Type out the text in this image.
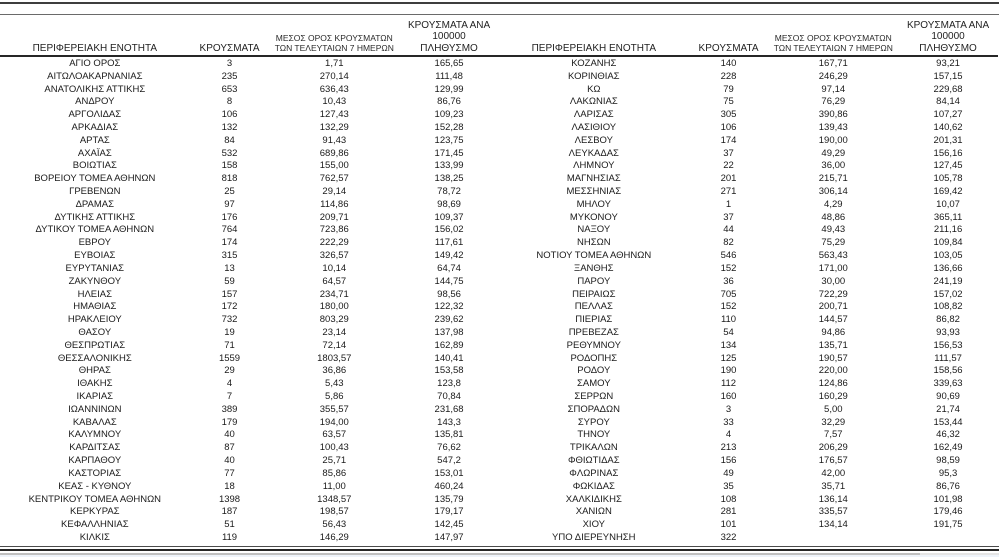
ΠΕΡΙΦΕΡΕΙΑΚΗ ΕΝΟΤΗΤΑ	ΚΡΟΥΣΜΑΤΑ
ΜΕΣΟΣ ΟΡΟΣ ΚΡΟΥΣΜΑΤΩΝ
ΤΩΝ ΤΕΛΕΥΤΑΙΩΝ 7 ΗΜΕΡΩΝ
ΚΡΟΥΣΜΑΤΑ ΑΝΑ 100000
ΠΛΗΘΥΣΜΟ
ΑΓΙΟ ΟΡΟΣ	3	1,71	165,65
ΑΙΤΩΛΟΑΚΑΡΝΑΝΙΑΣ	235	270,14	111,48
ΑΝΑΤΟΛΙΚΗΣ ΑΤΤΙΚΗΣ	653	636,43	129,99
ΑΝΔΡΟΥ	8	10,43	86,76
ΑΡΓΟΛΙΔΑΣ	106	127,43	109,23
ΑΡΚΑΔΙΑΣ	132	132,29	152,28
ΑΡΤΑΣ	84	91,43	123,75
ΑΧΑΪΑΣ	532	689,86	171,45
ΒΟΙΩΤΙΑΣ	158	155,00	133,99
ΒΟΡΕΙΟΥ ΤΟΜΕΑ ΑΘΗΝΩΝ	818	762,57	138,25
ΓΡΕΒΕΝΩΝ	25	29,14	78,72
ΔΡΑΜΑΣ	97	114,86	98,69
ΔΥΤΙΚΗΣ ΑΤΤΙΚΗΣ	176	209,71	109,37
ΔΥΤΙΚΟΥ ΤΟΜΕΑ ΑΘΗΝΩΝ	764	723,86	156,02
ΕΒΡΟΥ	174	222,29	117,61
ΕΥΒΟΙΑΣ	315	326,57	149,42
ΕΥΡΥΤΑΝΙΑΣ	13	10,14	64,74
ΖΑΚΥΝΘΟΥ	59	64,57	144,75
ΗΛΕΙΑΣ	157	234,71	98,56
ΗΜΑΘΙΑΣ	172	180,00	122,32
ΗΡΑΚΛΕΙΟΥ	732	803,29	239,62
ΘΑΣΟΥ	19	23,14	137,98
ΘΕΣΠΡΩΤΙΑΣ	71	72,14	162,89
ΘΕΣΣΑΛΟΝΙΚΗΣ	1559	1803,57	140,41
ΘΗΡΑΣ	29	36,86	153,58
ΙΘΑΚΗΣ	4	5,43	123,8
ΙΚΑΡΙΑΣ	7	5,86	70,84
ΙΩΑΝΝΙΝΩΝ	389	355,57	231,68
ΚΑΒΑΛΑΣ	179	194,00	143,3
ΚΑΛΥΜΝΟΥ	40	63,57	135,81
ΚΑΡΔΙΤΣΑΣ	87	100,43	76,62
ΚΑΡΠΑΘΟΥ	40	25,71	547,2
ΚΑΣΤΟΡΙΑΣ	77	85,86	153,01
ΚΕΑΣ - ΚΥΘΝΟΥ	18	11,00	460,24
ΚΕΝΤΡΙΚΟΥ ΤΟΜΕΑ ΑΘΗΝΩΝ	1398	1348,57	135,79
ΚΕΡΚΥΡΑΣ	187	198,57	179,17
ΚΕΦΑΛΛΗΝΙΑΣ	51	56,43	142,45
ΚΙΛΚΙΣ	119	146,29	147,97
ΠΕΡΙΦΕΡΕΙΑΚΗ ΕΝΟΤΗΤΑ	ΚΡΟΥΣΜΑΤΑ
ΜΕΣΟΣ ΟΡΟΣ ΚΡΟΥΣΜΑΤΩΝ
ΤΩΝ ΤΕΛΕΥΤΑΙΩΝ 7 ΗΜΕΡΩΝ
ΚΡΟΥΣΜΑΤΑ ΑΝΑ 100000
ΠΛΗΘΥΣΜΟ
ΚΟΖΑΝΗΣ	140	167,71	93,21
ΚΟΡΙΝΘΙΑΣ	228	246,29	157,15
ΚΩ	79	97,14	229,68
ΛΑΚΩΝΙΑΣ	75	76,29	84,14
ΛΑΡΙΣΑΣ	305	390,86	107,27
ΛΑΣΙΘΙΟΥ	106	139,43	140,62
ΛΕΣΒΟΥ	174	190,00	201,31
ΛΕΥΚΑΔΑΣ	37	49,29	156,16
ΛΗΜΝΟΥ	22	36,00	127,45
ΜΑΓΝΗΣΙΑΣ	201	215,71	105,78
ΜΕΣΣΗΝΙΑΣ	271	306,14	169,42
ΜΗΛΟΥ	1	4,29	10,07
ΜΥΚΟΝΟΥ	37	48,86	365,11
ΝΑΞΟΥ	44	49,43	211,16
ΝΗΣΩΝ	82	75,29	109,84
ΝΟΤΙΟΥ ΤΟΜΕΑ ΑΘΗΝΩΝ	546	563,43	103,05
ΞΑΝΘΗΣ	152	171,00	136,66
ΠΑΡΟΥ	36	30,00	241,19
ΠΕΙΡΑΙΩΣ	705	722,29	157,02
ΠΕΛΛΑΣ	152	200,71	108,82
ΠΙΕΡΙΑΣ	110	144,57	86,82
ΠΡΕΒΕΖΑΣ	54	94,86	93,93
ΡΕΘΥΜΝΟΥ	134	135,71	156,53
ΡΟΔΟΠΗΣ	125	190,57	111,57
ΡΟΔΟΥ	190	220,00	158,56
ΣΑΜΟΥ	112	124,86	339,63
ΣΕΡΡΩΝ	160	160,29	90,69
ΣΠΟΡΑΔΩΝ	3	5,00	21,74
ΣΥΡΟΥ	33	32,29	153,44
ΤΗΝΟΥ	4	7,57	46,32
ΤΡΙΚΑΛΩΝ	213	206,29	162,49
ΦΘΙΩΤΙΔΑΣ	156	176,57	98,59
ΦΛΩΡΙΝΑΣ	49	42,00	95,3
ΦΩΚΙΔΑΣ	35	35,71	86,76
ΧΑΛΚΙΔΙΚΗΣ	108	136,14	101,98
ΧΑΝΙΩΝ	281	335,57	179,46
ΧΙΟΥ	101	134,14	191,75
ΥΠΟ ΔΙΕΡΕΥΝΗΣΗ	322
